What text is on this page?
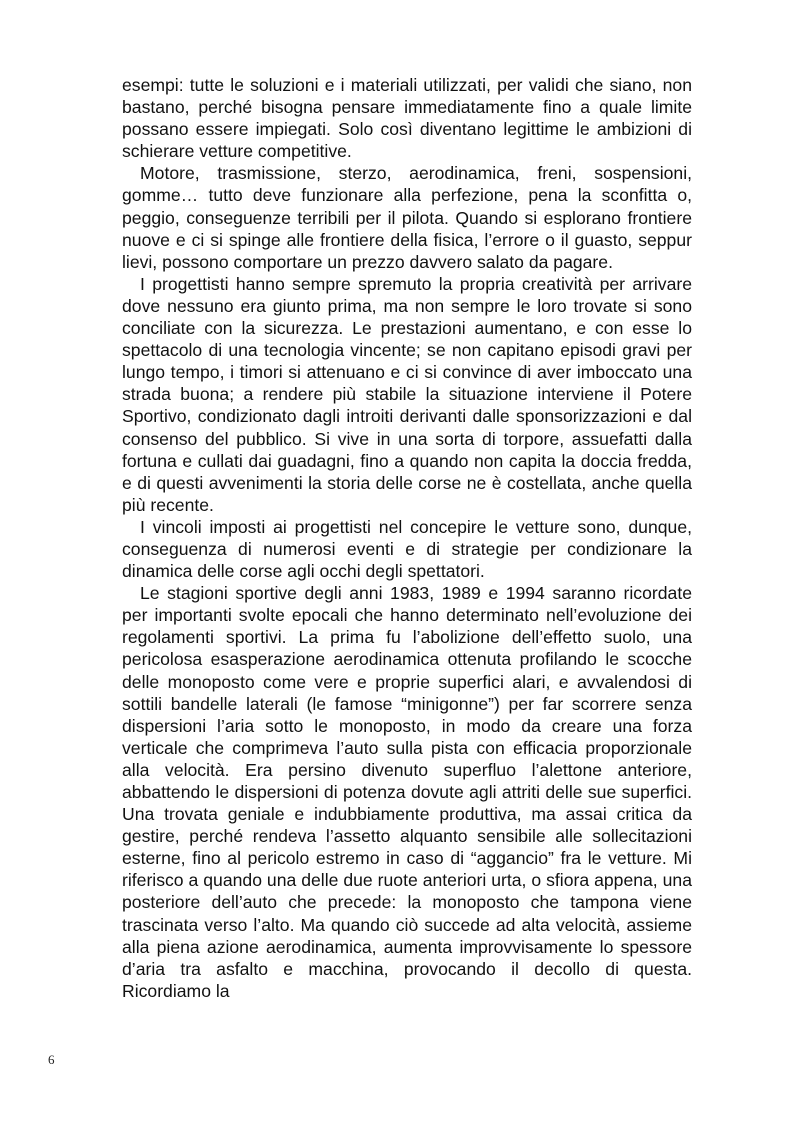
esempi: tutte le soluzioni e i materiali utilizzati, per validi che siano, non bastano, perché bisogna pensare immediatamente fino a quale limite possano essere impiegati. Solo così diventano legittime le ambizioni di schierare vetture competitive.

Motore, trasmissione, sterzo, aerodinamica, freni, sospensioni, gomme… tutto deve funzionare alla perfezione, pena la sconfitta o, peggio, conseguenze terribili per il pilota. Quando si esplorano frontiere nuove e ci si spinge alle frontiere della fisica, l’errore o il guasto, seppur lievi, possono comportare un prezzo davvero salato da pagare.

I progettisti hanno sempre spremuto la propria creatività per arrivare dove nessuno era giunto prima, ma non sempre le loro trovate si sono conciliate con la sicurezza. Le prestazioni aumentano, e con esse lo spettacolo di una tecnologia vincente; se non capitano episodi gravi per lungo tempo, i timori si attenuano e ci si convince di aver imboccato una strada buona; a rendere più stabile la situazione interviene il Potere Sportivo, condizionato dagli introiti derivanti dalle sponsorizzazioni e dal consenso del pubblico. Si vive in una sorta di torpore, assuefatti dalla fortuna e cullati dai guadagni, fino a quando non capita la doccia fredda, e di questi avvenimenti la storia delle corse ne è costellata, anche quella più recente.

I vincoli imposti ai progettisti nel concepire le vetture sono, dunque, conseguenza di numerosi eventi e di strategie per condizionare la dinamica delle corse agli occhi degli spettatori.

Le stagioni sportive degli anni 1983, 1989 e 1994 saranno ricordate per importanti svolte epocali che hanno determinato nell’evoluzione dei regolamenti sportivi. La prima fu l’abolizione dell’effetto suolo, una pericolosa esasperazione aerodinamica ottenuta profilando le scocche delle monoposto come vere e proprie superfici alari, e avvalendosi di sottili bandelle laterali (le famose “minigonne”) per far scorrere senza dispersioni l’aria sotto le monoposto, in modo da creare una forza verticale che comprimeva l’auto sulla pista con efficacia proporzionale alla velocità. Era persino divenuto superfluo l’alettone anteriore, abbattendo le dispersioni di potenza dovute agli attriti delle sue superfici. Una trovata geniale e indubbiamente produttiva, ma assai critica da gestire, perché rendeva l’assetto alquanto sensibile alle sollecitazioni esterne, fino al pericolo estremo in caso di “aggancio” fra le vetture. Mi riferisco a quando una delle due ruote anteriori urta, o sfiora appena, una posteriore dell’auto che precede: la monoposto che tampona viene trascinata verso l’alto. Ma quando ciò succede ad alta velocità, assieme alla piena azione aerodinamica, aumenta improvvisamente lo spessore d’aria tra asfalto e macchina, provocando il decollo di questa. Ricordiamo la

6
